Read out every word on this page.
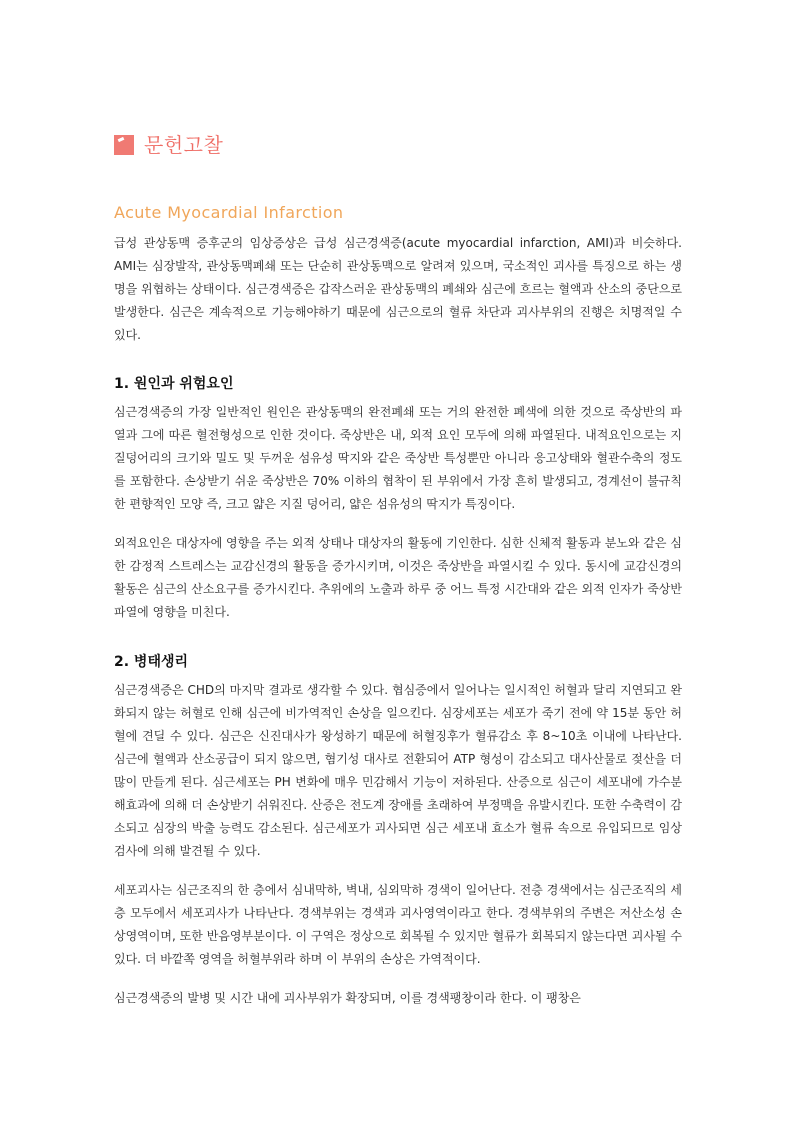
문헌고찰
Acute Myocardial Infarction

급성 관상동맥 증후군의 임상증상은 급성 심근경색증(acute myocardial infarction, AMI)과 비슷하다. AMI는 심장발작, 관상동맥폐쇄 또는 단순히 관상동맥으로 알려져 있으며, 국소적인 괴사를 특징으로 하는 생명을 위협하는 상태이다. 심근경색증은 갑작스러운 관상동맥의 폐쇄와 심근에 흐르는 혈액과 산소의 중단으로 발생한다. 심근은 계속적으로 기능해야하기 때문에 심근으로의 혈류 차단과 괴사부위의 진행은 치명적일 수 있다.

1. 원인과 위험요인

심근경색증의 가장 일반적인 원인은 관상동맥의 완전폐쇄 또는 거의 완전한 폐색에 의한 것으로 죽상반의 파열과 그에 따른 혈전형성으로 인한 것이다. 죽상반은 내, 외적 요인 모두에 의해 파열된다. 내적요인으로는 지질덩어리의 크기와 밀도 및 두꺼운 섬유성 딱지와 같은 죽상반 특성뿐만 아니라 응고상태와 혈관수축의 정도를 포함한다. 손상받기 쉬운 죽상반은 70% 이하의 협착이 된 부위에서 가장 흔히 발생되고, 경계선이 불규칙한 편향적인 모양 즉, 크고 얇은 지질 덩어리, 얇은 섬유성의 딱지가 특징이다.

외적요인은 대상자에 영향을 주는 외적 상태나 대상자의 활동에 기인한다. 심한 신체적 활동과 분노와 같은 심한 감정적 스트레스는 교감신경의 활동을 증가시키며, 이것은 죽상반을 파열시킬 수 있다. 동시에 교감신경의 활동은 심근의 산소요구를 증가시킨다. 추위에의 노출과 하루 중 어느 특정 시간대와 같은 외적 인자가 죽상반 파열에 영향을 미친다.

2. 병태생리

심근경색증은 CHD의 마지막 결과로 생각할 수 있다. 협심증에서 일어나는 일시적인 허혈과 달리 지연되고 완화되지 않는 허혈로 인해 심근에 비가역적인 손상을 일으킨다. 심장세포는 세포가 죽기 전에 약 15분 동안 허혈에 견딜 수 있다. 심근은 신진대사가 왕성하기 때문에 허혈징후가 혈류감소 후 8~10초 이내에 나타난다. 심근에 혈액과 산소공급이 되지 않으면, 혐기성 대사로 전환되어 ATP 형성이 감소되고 대사산물로 젖산을 더 많이 만들게 된다. 심근세포는 PH 변화에 매우 민감해서 기능이 저하된다. 산증으로 심근이 세포내에 가수분해효과에 의해 더 손상받기 쉬워진다. 산증은 전도계 장애를 초래하여 부정맥을 유발시킨다. 또한 수축력이 감소되고 심장의 박출 능력도 감소된다. 심근세포가 괴사되면 심근 세포내 효소가 혈류 속으로 유입되므로 임상검사에 의해 발견될 수 있다.

세포괴사는 심근조직의 한 층에서 심내막하, 벽내, 심외막하 경색이 일어난다. 전층 경색에서는 심근조직의 세 층 모두에서 세포괴사가 나타난다. 경색부위는 경색과 괴사영역이라고 한다. 경색부위의 주변은 저산소성 손상영역이며, 또한 반음영부분이다. 이 구역은 정상으로 회복될 수 있지만 혈류가 회복되지 않는다면 괴사될 수 있다. 더 바깥쪽 영역을 허혈부위라 하며 이 부위의 손상은 가역적이다.

심근경색증의 발병 및 시간 내에 괴사부위가 확장되며, 이를 경색팽창이라 한다. 이 팽창은
